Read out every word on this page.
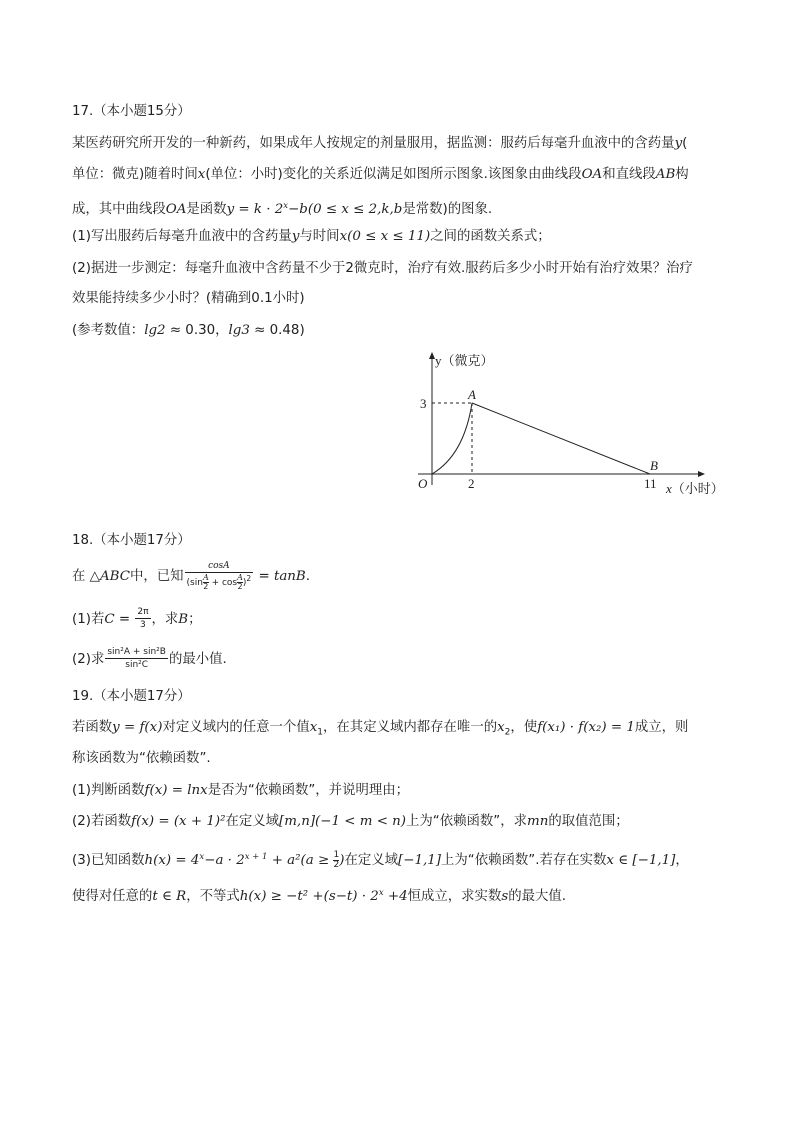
17.（本小题15分）
某医药研究所开发的一种新药，如果成年人按规定的剂量服用，据监测：服药后每毫升血液中的含药量y(
单位：微克)随着时间x(单位：小时)变化的关系近似满足如图所示图象.该图象由曲线段OA和直线段AB构
成，其中曲线段OA是函数$y = k \cdot 2^x-b(0 \le x \le 2,k,b$是常数)的图象.
(1)写出服药后每毫升血液中的含药量y与时间x(0 ≤ x ≤ 11)之间的函数关系式；
(2)据进一步测定：每毫升血液中含药量不少于2微克时，治疗有效.服药后多少小时开始有治疗效果？治疗
效果能持续多少小时？(精确到0.1小时)
(参考数值：lg2 ≈ 0.30，lg3 ≈ 0.48)
y（微克）
A
B
O
3
2	11 x（小时）
18.（本小题17分）
在 △ABC中，已知 $\frac{\cos A}{(\sin \frac{A}{2} + \cos \frac{A}{2} )^2} = \tan B$.
(1)若$C = \frac{2\pi}{3}$ ，求B；
(2)求 $\frac{\text{sin²A + sin²B}}{\text{sin²C}}$ 的最小值.
19.（本小题17分）
若函数y = f(x)对定义域内的任意一个值$x_1$，在其定义域内都存在唯一的$x_2$，使f(x₁) · f(x₂) = 1成立，则
称该函数为“依赖函数”.
(1)判断函数f(x) = lnx是否为“依赖函数”，并说明理由；
(2)若函数f(x) = (x + 1)²在定义域[m,n](−1 < m < n)上为“依赖函数”，求mn的取值范围；
(3)已知函数$h(x) = 4^x-a \cdot 2^{x + 1} + a^2(a \ge \frac{1}{2}$ )在定义域[−1,1]上为“依赖函数”.若存在实数x ∈ [−1,1]，
使得对任意的t ∈ R，不等式$h(x) \ge -t^2 +(s-t) \cdot 2^x +4$恒成立，求实数s的最大值.
